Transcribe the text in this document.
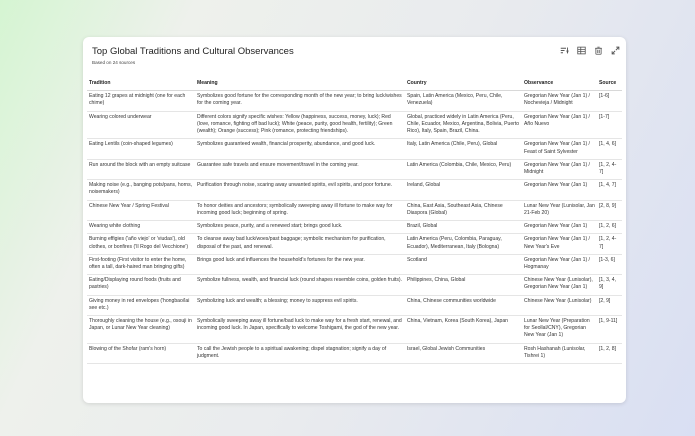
Top Global Traditions and Cultural Observances
Based on 24 sources
Tradition	Meaning	Country	Observance	Source
Eating 12 grapes at midnight (one for each chime)	Symbolizes good fortune for the corresponding month of the new year; to bring luck/wishes for the coming year.	Spain, Latin America (Mexico, Peru, Chile, Venezuela)	Gregorian New Year (Jan 1) / Nochevieja / Midnight	[1-6]
Wearing colored underwear	Different colors signify specific wishes: Yellow (happiness, success, money, luck); Red (love, romance, fighting off bad luck); White (peace, purity, good health, fertility); Green (wealth); Orange (success); Pink (romance, protecting friendships).	Global, practiced widely in Latin America (Peru, Chile, Ecuador, Mexico, Argentina, Bolivia, Puerto Rico), Italy, Spain, Brazil, China.	Gregorian New Year (Jan 1) / Año Nuevo	[1-7]
Eating Lentils (coin-shaped legumes)	Symbolizes guaranteed wealth, financial prosperity, abundance, and good luck.	Italy, Latin America (Chile, Peru), Global	Gregorian New Year (Jan 1) / Feast of Saint Sylvester	[1, 4, 6]
Run around the block with an empty suitcase	Guarantee safe travels and ensure movement/travel in the coming year.	Latin America (Colombia, Chile, Mexico, Peru)	Gregorian New Year (Jan 1) / Midnight	[1, 2, 4-7]
Making noise (e.g., banging pots/pans, horns, noisemakers)	Purification through noise, scaring away unwanted spirits, evil spirits, and poor fortune.	Ireland, Global	Gregorian New Year (Jan 1)	[1, 4, 7]
Chinese New Year / Spring Festival	To honor deities and ancestors; symbolically sweeping away ill fortune to make way for incoming good luck; beginning of spring.	China, East Asia, Southeast Asia, Chinese Diaspora (Global)	Lunar New Year (Lunisolar, Jan 21-Feb 20)	[2, 8, 9]
Wearing white clothing	Symbolizes peace, purity, and a renewed start; brings good luck.	Brazil, Global	Gregorian New Year (Jan 1)	[1, 2, 6]
Burning effigies ('año viejo' or 'viudas'), old clothes, or bonfires ('Il Rogo del Vecchione')	To cleanse away bad luck/woes/past baggage; symbolic mechanism for purification, disposal of the past, and renewal.	Latin America (Peru, Colombia, Paraguay, Ecuador), Mediterranean, Italy (Bologna)	Gregorian New Year (Jan 1) / New Year's Eve	[1, 2, 4-7]
First-footing (First visitor to enter the home, often a tall, dark-haired man bringing gifts)	Brings good luck and influences the household's fortunes for the new year.	Scotland	Gregorian New Year (Jan 1) / Hogmanay	[1-3, 6]
Eating/Displaying round foods (fruits and pastries)	Symbolize fullness, wealth, and financial luck (round shapes resemble coins, golden fruits).	Philippines, China, Global	Chinese New Year (Lunisolar), Gregorian New Year (Jan 1)	[1, 3, 4, 9]
Giving money in red envelopes ('hongbao/lai see etc.)	Symbolizing luck and wealth; a blessing; money to suppress evil spirits.	China, Chinese communities worldwide	Chinese New Year (Lunisolar)	[2, 9]
Thoroughly cleaning the house (e.g., osouji in Japan, or Lunar New Year cleaning)	Symbolically sweeping away ill fortune/bad luck to make way for a fresh start, renewal, and incoming good luck. In Japan, specifically to welcome Toshigami, the god of the new year.	China, Vietnam, Korea (South Korea), Japan	Lunar New Year (Preparation for Seollal/CNY), Gregorian New Year (Jan 1)	[1, 9-11]
Blowing of the Shofar (ram's horn)	To call the Jewish people to a spiritual awakening; dispel stagnation; signify a day of judgment.	Israel, Global Jewish Communities	Rosh Hashanah (Lunisolar, Tishrei 1)	[1, 2, 8]
